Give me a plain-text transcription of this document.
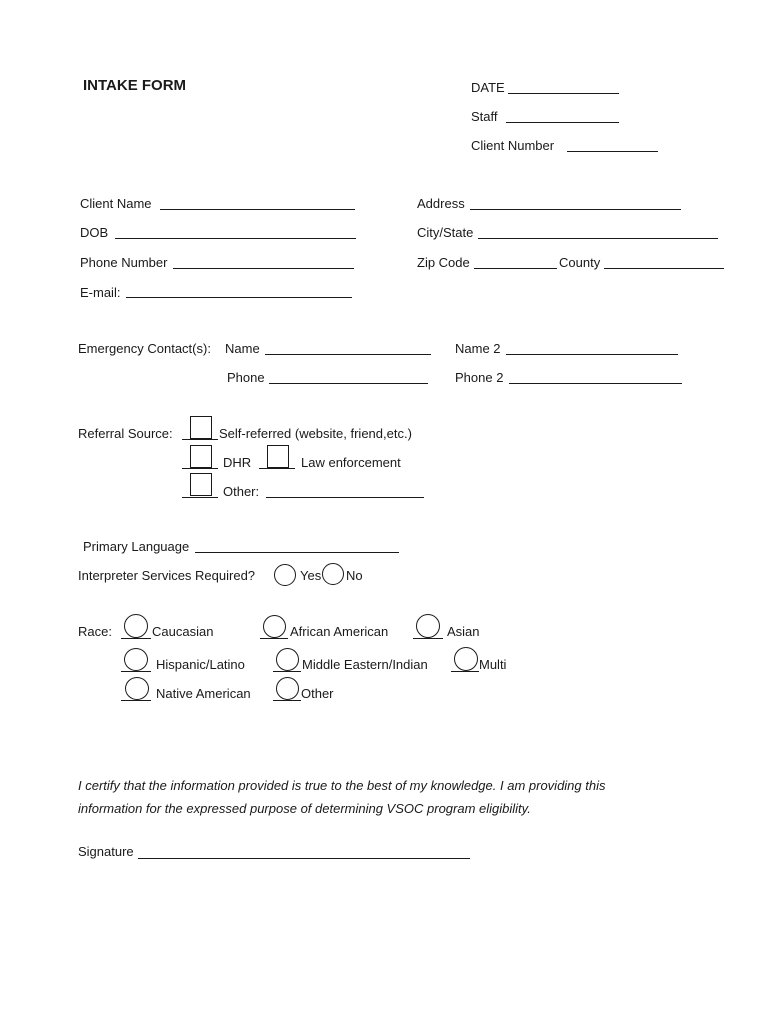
INTAKE FORM	DATE
Staff
Client Number
Client Name
DOB
Phone Number
E-mail:
Address
City/State
Zip Code	County
Emergency Contact(s): Name
Phone
Name 2
Phone 2
Referral Source:	Self-referred (website, friend,etc.)
DHR	Law enforcement
Other:
Primary Language
Interpreter Services Required?	Yes No
Race:	Caucasian	African American	Asian
Hispanic/Latino	Middle Eastern/Indian	Multi
Native American	Other
I certify that the information provided is true to the best of my knowledge. I am providing this
information for the expressed purpose of determining VSOC program eligibility.
Signature
